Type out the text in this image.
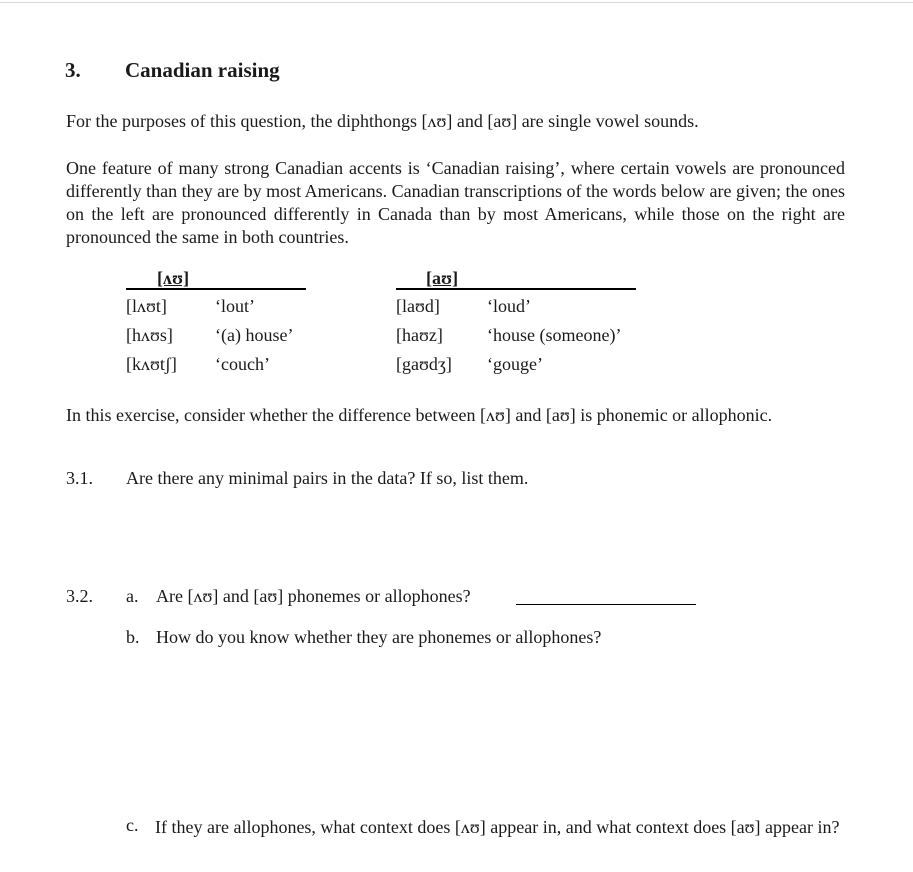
3. Canadian raising
For the purposes of this question, the diphthongs [ʌʊ] and [aʊ] are single vowel sounds.
One feature of many strong Canadian accents is ‘Canadian raising’, where certain vowels are pronounced differently than they are by most Americans. Canadian transcriptions of the words below are given; the ones on the left are pronounced differently in Canada than by most Americans, while those on the right are pronounced the same in both countries.
[ʌʊ]
[lʌʊt]	‘lout’
[hʌʊs] ‘(a) house’
[kʌʊtʃ] ‘couch’
[aʊ]
[laʊd]	‘loud’
[haʊz] ‘house (someone)’
[gaʊdʒ] ‘gouge’
In this exercise, consider whether the difference between [ʌʊ] and [aʊ] is phonemic or allophonic.
3.1. Are there any minimal pairs in the data? If so, list them.
3.2. a. Are [ʌʊ] and [aʊ] phonemes or allophones?
b. How do you know whether they are phonemes or allophones?
c. If they are allophones, what context does [ʌʊ] appear in, and what context does [aʊ] appear in?
